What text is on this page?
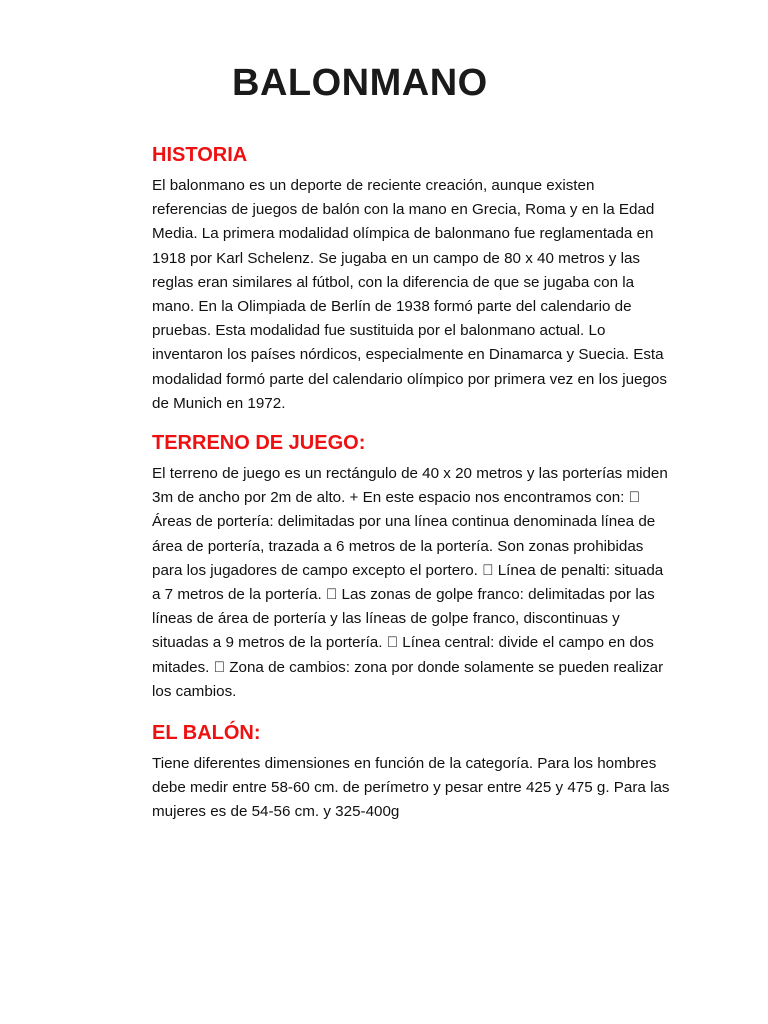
BALONMANO
HISTORIA

El balonmano es un deporte de reciente creación, aunque existen referencias de juegos de balón con la mano en Grecia, Roma y en la Edad Media. La primera modalidad olímpica de balonmano fue reglamentada en 1918 por Karl Schelenz. Se jugaba en un campo de 80 x 40 metros y las reglas eran similares al fútbol, con la diferencia de que se jugaba con la mano. En la Olimpiada de Berlín de 1938 formó parte del calendario de pruebas. Esta modalidad fue sustituida por el balonmano actual. Lo inventaron los países nórdicos, especialmente en Dinamarca y Suecia. Esta modalidad formó parte del calendario olímpico por primera vez en los juegos de Munich en 1972.

TERRENO DE JUEGO:

El terreno de juego es un rectángulo de 40 x 20 metros y las porterías miden 3m de ancho por 2m de alto. + En este espacio nos encontramos con: Áreas de portería: delimitadas por una línea continua denominada línea de área de portería, trazada a 6 metros de la portería. Son zonas prohibidas para los jugadores de campo excepto el portero. Línea de penalti: situada a 7 metros de la portería. Las zonas de golpe franco: delimitadas por las líneas de área de portería y las líneas de golpe franco, discontinuas y situadas a 9 metros de la portería. Línea central: divide el campo en dos mitades. Zona de cambios: zona por donde solamente se pueden realizar los cambios.

EL BALÓN:

Tiene diferentes dimensiones en función de la categoría. Para los hombres debe medir entre 58-60 cm. de perímetro y pesar entre 425 y 475 g. Para las mujeres es de 54-56 cm. y 325-400g
